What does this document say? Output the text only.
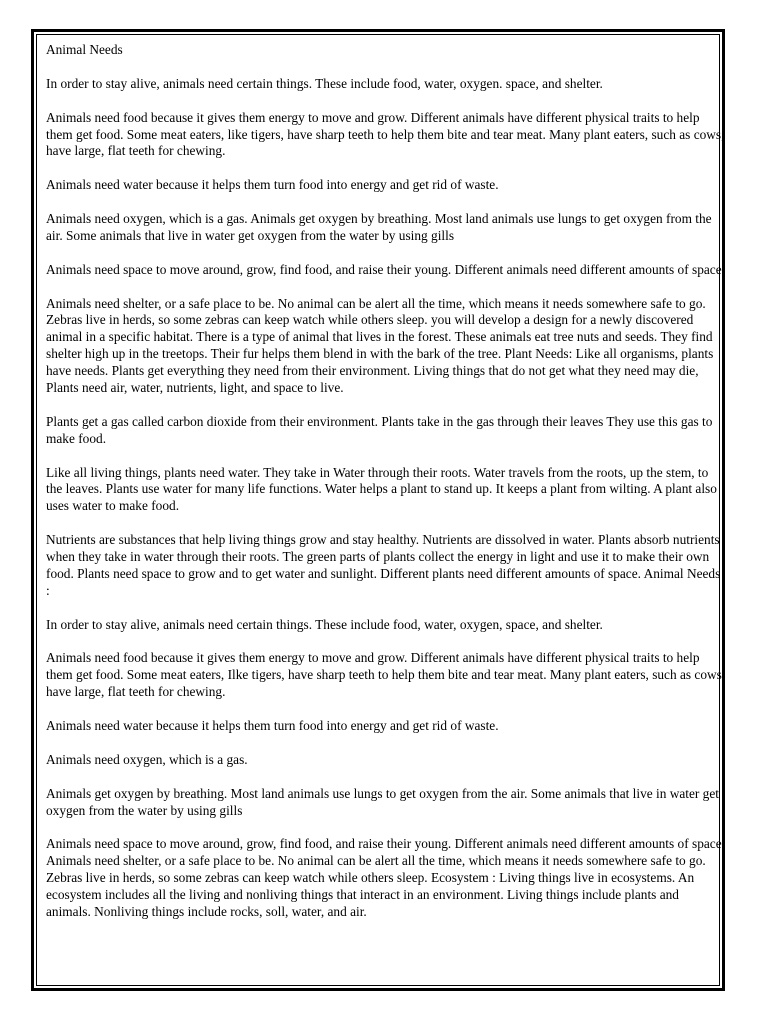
Animal Needs

In order to stay alive, animals need certain things. These include food, water, oxygen. space, and shelter.

Animals need food because it gives them energy to move and grow. Different animals have different physical traits to help them get food. Some meat eaters, like tigers, have sharp teeth to help them bite and tear meat. Many plant eaters, such as cows, have large, flat teeth for chewing.

Animals need water because it helps them turn food into energy and get rid of waste.

Animals need oxygen, which is a gas. Animals get oxygen by breathing. Most land animals use lungs to get oxygen from the air. Some animals that live in water get oxygen from the water by using gills

Animals need space to move around, grow, find food, and raise their young. Different animals need different amounts of space.

Animals need shelter, or a safe place to be. No animal can be alert all the time, which means it needs somewhere safe to go. Zebras live in herds, so some zebras can keep watch while others sleep. you will develop a design for a newly discovered animal in a specific habitat. There is a type of animal that lives in the forest. These animals eat tree nuts and seeds. They find shelter high up in the treetops. Their fur helps them blend in with the bark of the tree. Plant Needs: Like all organisms, plants have needs. Plants get everything they need from their environment. Living things that do not get what they need may die, Plants need air, water, nutrients, light, and space to live.

Plants get a gas called carbon dioxide from their environment. Plants take in the gas through their leaves They use this gas to make food.

Like all living things, plants need water. They take in Water through their roots. Water travels from the roots, up the stem, to the leaves. Plants use water for many life functions. Water helps a plant to stand up. It keeps a plant from wilting. A plant also uses water to make food.

Nutrients are substances that help living things grow and stay healthy. Nutrients are dissolved in water. Plants absorb nutrients when they take in water through their roots. The green parts of plants collect the energy in light and use it to make their own food. Plants need space to grow and to get water and sunlight. Different plants need different amounts of space. Animal Needs :

In order to stay alive, animals need certain things. These include food, water, oxygen, space, and shelter.

Animals need food because it gives them energy to move and grow. Different animals have different physical traits to help them get food. Some meat eaters, Ilke tigers, have sharp teeth to help them bite and tear meat. Many plant eaters, such as cows, have large, flat teeth for chewing.

Animals need water because it helps them turn food into energy and get rid of waste.

Animals need oxygen, which is a gas.

Animals get oxygen by breathing. Most land animals use lungs to get oxygen from the air. Some animals that live in water get oxygen from the water by using gills

Animals need space to move around, grow, find food, and raise their young. Different animals need different amounts of space. Animals need shelter, or a safe place to be. No animal can be alert all the time, which means it needs somewhere safe to go. Zebras live in herds, so some zebras can keep watch while others sleep. Ecosystem : Living things live in ecosystems. An ecosystem includes all the living and nonliving things that interact in an environment. Living things include plants and animals. Nonliving things include rocks, soll, water, and air.
